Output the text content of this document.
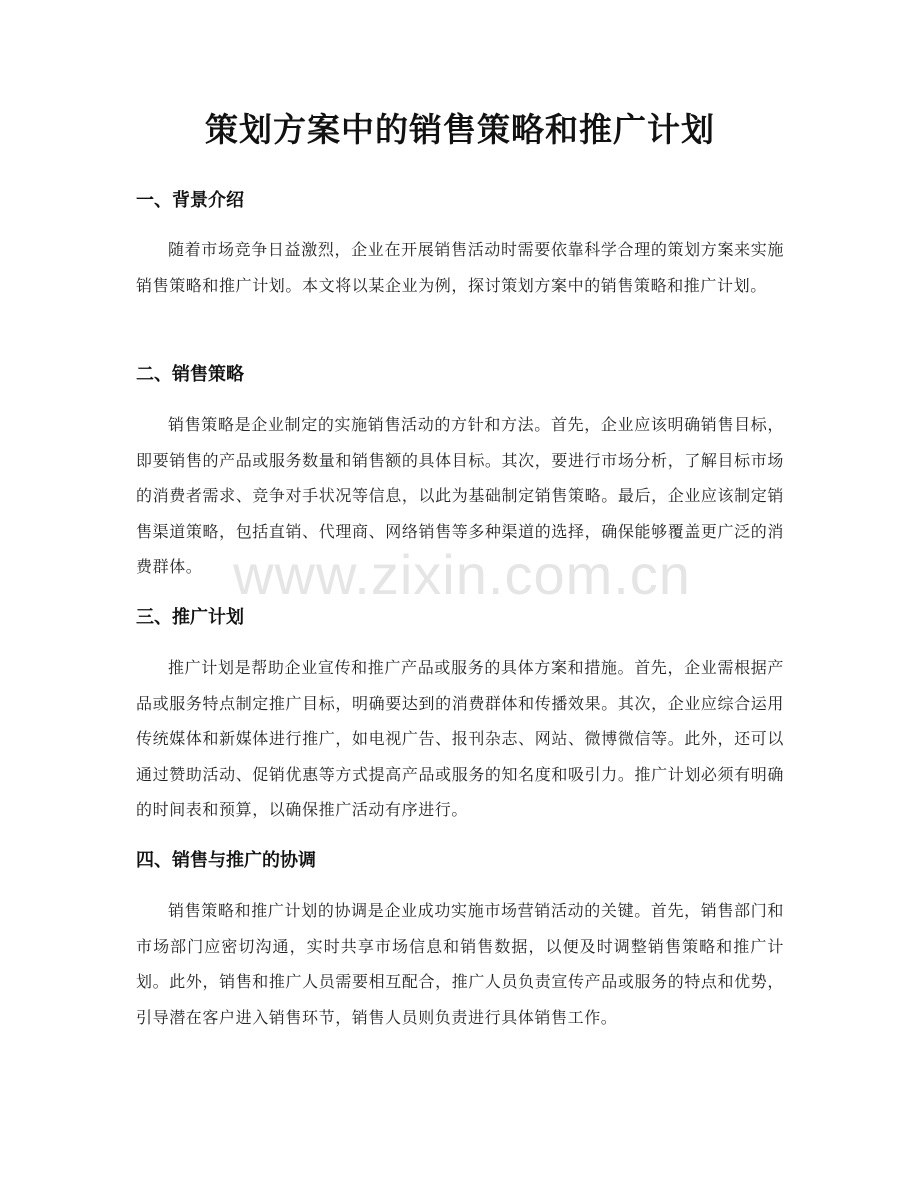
策划方案中的销售策略和推广计划
一、背景介绍

随着市场竞争日益激烈，企业在开展销售活动时需要依靠科学合理的策划方案来实施销售策略和推广计划。本文将以某企业为例，探讨策划方案中的销售策略和推广计划。

二、销售策略

销售策略是企业制定的实施销售活动的方针和方法。首先，企业应该明确销售目标，即要销售的产品或服务数量和销售额的具体目标。其次，要进行市场分析，了解目标市场的消费者需求、竞争对手状况等信息，以此为基础制定销售策略。最后，企业应该制定销售渠道策略，包括直销、代理商、网络销售等多种渠道的选择，确保能够覆盖更广泛的消费群体。

三、推广计划

推广计划是帮助企业宣传和推广产品或服务的具体方案和措施。首先，企业需根据产品或服务特点制定推广目标，明确要达到的消费群体和传播效果。其次，企业应综合运用传统媒体和新媒体进行推广，如电视广告、报刊杂志、网站、微博微信等。此外，还可以通过赞助活动、促销优惠等方式提高产品或服务的知名度和吸引力。推广计划必须有明确的时间表和预算，以确保推广活动有序进行。

四、销售与推广的协调

销售策略和推广计划的协调是企业成功实施市场营销活动的关键。首先，销售部门和市场部门应密切沟通，实时共享市场信息和销售数据，以便及时调整销售策略和推广计划。此外，销售和推广人员需要相互配合，推广人员负责宣传产品或服务的特点和优势，引导潜在客户进入销售环节，销售人员则负责进行具体销售工作。

www.zixin.com.cn
